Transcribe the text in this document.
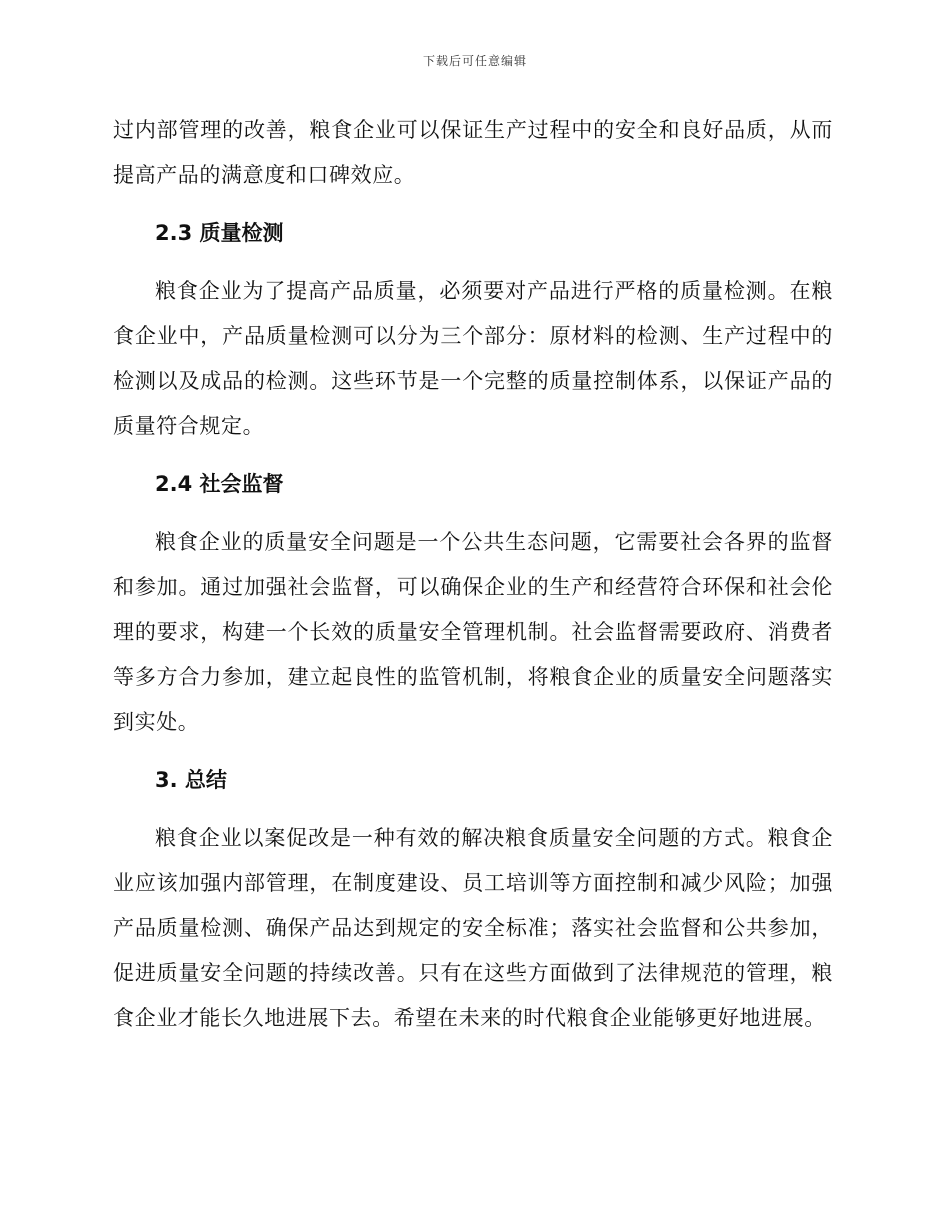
下载后可任意编辑

过内部管理的改善，粮食企业可以保证生产过程中的安全和良好品质，从而提高产品的满意度和口碑效应。

2.3 质量检测

粮食企业为了提高产品质量，必须要对产品进行严格的质量检测。在粮食企业中，产品质量检测可以分为三个部分：原材料的检测、生产过程中的检测以及成品的检测。这些环节是一个完整的质量控制体系，以保证产品的质量符合规定。

2.4 社会监督

粮食企业的质量安全问题是一个公共生态问题，它需要社会各界的监督和参加。通过加强社会监督，可以确保企业的生产和经营符合环保和社会伦理的要求，构建一个长效的质量安全管理机制。社会监督需要政府、消费者等多方合力参加，建立起良性的监管机制，将粮食企业的质量安全问题落实到实处。

3. 总结

粮食企业以案促改是一种有效的解决粮食质量安全问题的方式。粮食企业应该加强内部管理，在制度建设、员工培训等方面控制和减少风险；加强产品质量检测、确保产品达到规定的安全标准；落实社会监督和公共参加，促进质量安全问题的持续改善。只有在这些方面做到了法律规范的管理，粮食企业才能长久地进展下去。希望在未来的时代粮食企业能够更好地进展。
